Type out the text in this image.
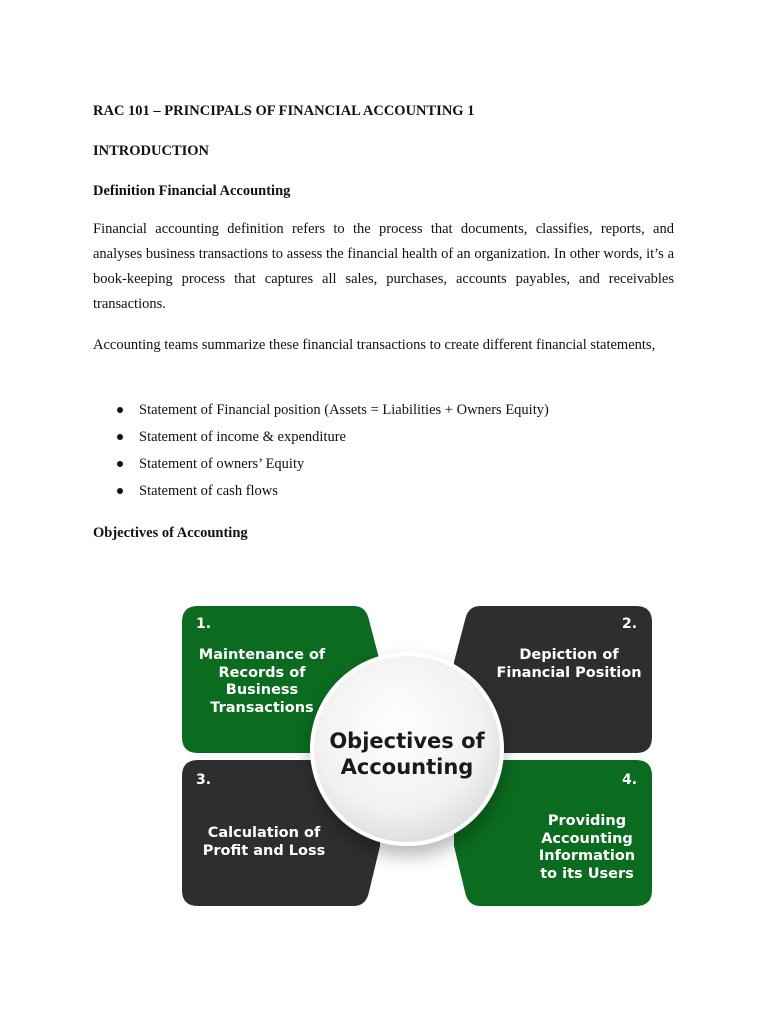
RAC 101 – PRINCIPALS OF FINANCIAL ACCOUNTING 1
INTRODUCTION
Definition Financial Accounting
Financial accounting definition refers to the process that documents, classifies, reports, and analyses business transactions to assess the financial health of an organization. In other words, it’s a book-keeping process that captures all sales, purchases, accounts payables, and receivables transactions.
Accounting teams summarize these financial transactions to create different financial statements,
Statement of Financial position (Assets = Liabilities + Owners Equity)
Statement of income & expenditure
Statement of owners’ Equity
Statement of cash flows
Objectives of Accounting
1.
Maintenance of
Records of
Business
Transactions
2.
Depiction of
Financial Position
3.
Calculation of
Profit and Loss
4.
Providing
Accounting
Information
to its Users
Objectives of
Accounting
